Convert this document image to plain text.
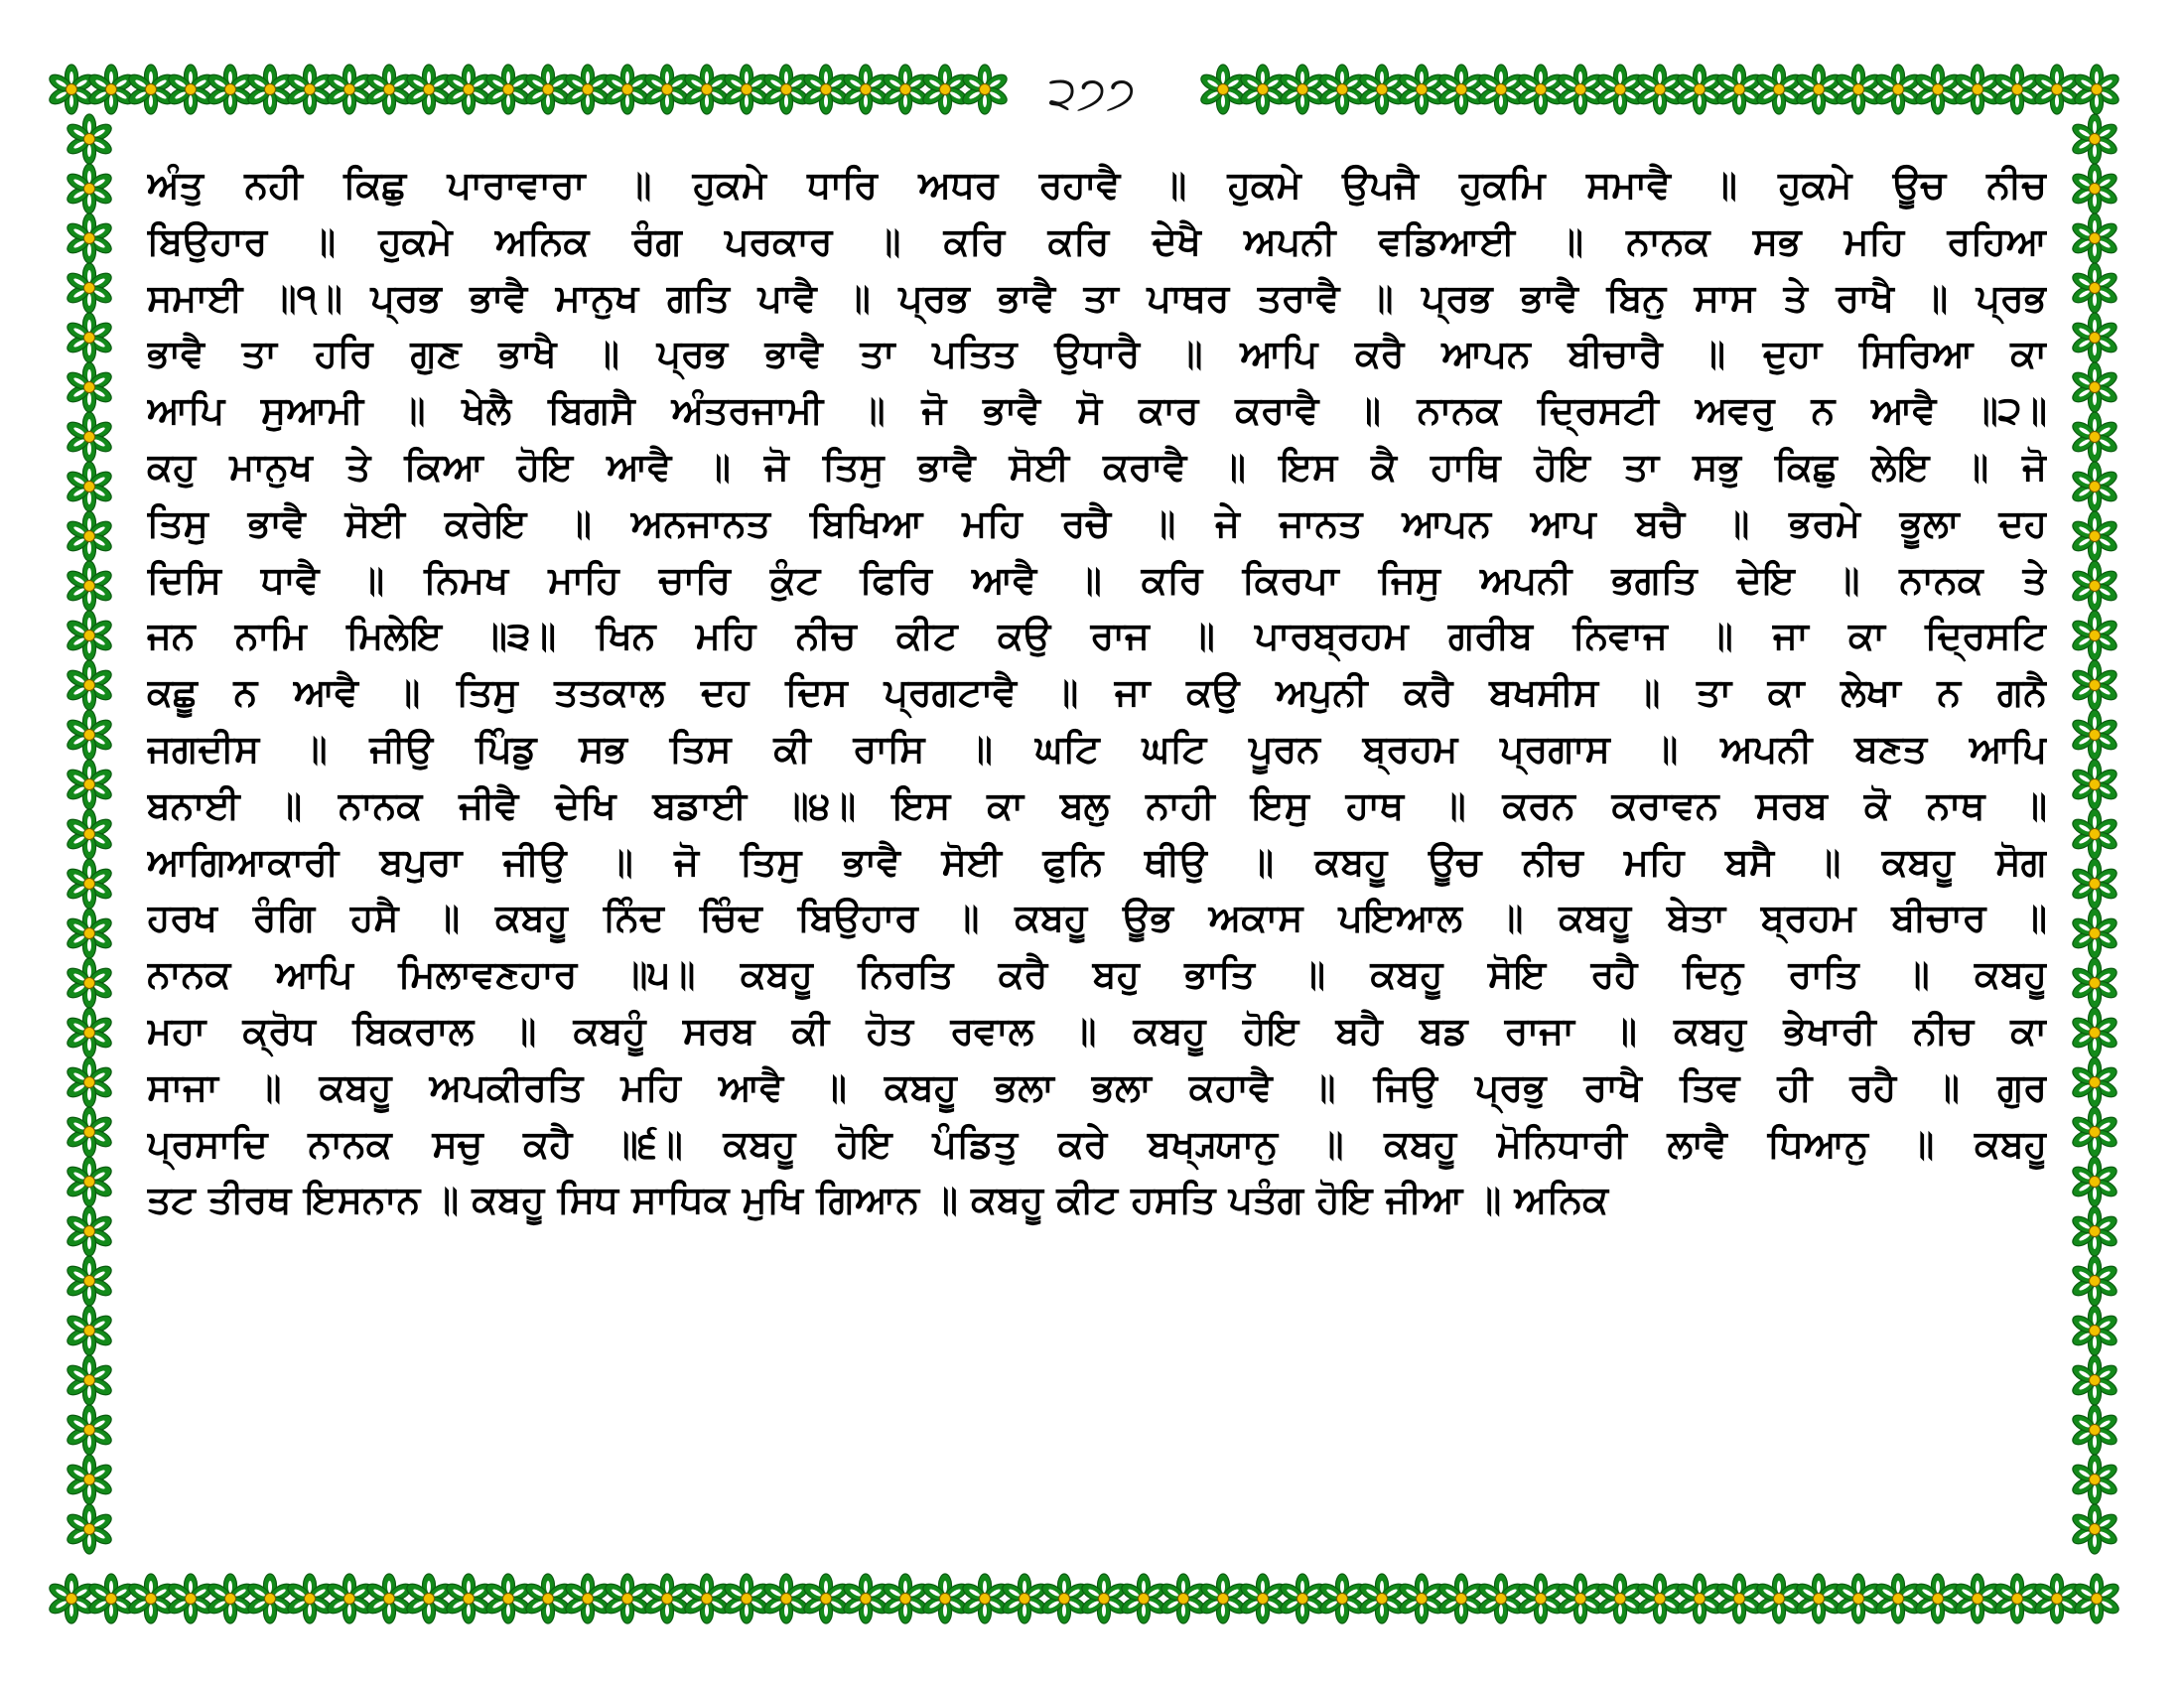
੨੭੭
ਅੰਤੁ ਨਹੀ ਕਿਛੁ ਪਾਰਾਵਾਰਾ ॥ ਹੁਕਮੇ ਧਾਰਿ ਅਧਰ ਰਹਾਵੈ ॥ ਹੁਕਮੇ ਉਪਜੈ ਹੁਕਮਿ ਸਮਾਵੈ ॥ ਹੁਕਮੇ ਊਚ ਨੀਚ
ਬਿਉਹਾਰ ॥ ਹੁਕਮੇ ਅਨਿਕ ਰੰਗ ਪਰਕਾਰ ॥ ਕਰਿ ਕਰਿ ਦੇਖੈ ਅਪਨੀ ਵਡਿਆਈ ॥ ਨਾਨਕ ਸਭ ਮਹਿ ਰਹਿਆ
ਸਮਾਈ ॥੧॥ ਪ੍ਰਭ ਭਾਵੈ ਮਾਨੁਖ ਗਤਿ ਪਾਵੈ ॥ ਪ੍ਰਭ ਭਾਵੈ ਤਾ ਪਾਥਰ ਤਰਾਵੈ ॥ ਪ੍ਰਭ ਭਾਵੈ ਬਿਨੁ ਸਾਸ ਤੇ ਰਾਖੈ ॥ ਪ੍ਰਭ
ਭਾਵੈ ਤਾ ਹਰਿ ਗੁਣ ਭਾਖੈ ॥ ਪ੍ਰਭ ਭਾਵੈ ਤਾ ਪਤਿਤ ਉਧਾਰੈ ॥ ਆਪਿ ਕਰੈ ਆਪਨ ਬੀਚਾਰੈ ॥ ਦੁਹਾ ਸਿਰਿਆ ਕਾ
ਆਪਿ ਸੁਆਮੀ ॥ ਖੇਲੈ ਬਿਗਸੈ ਅੰਤਰਜਾਮੀ ॥ ਜੋ ਭਾਵੈ ਸੋ ਕਾਰ ਕਰਾਵੈ ॥ ਨਾਨਕ ਦ੍ਰਿਸਟੀ ਅਵਰੁ ਨ ਆਵੈ ॥੨॥
ਕਹੁ ਮਾਨੁਖ ਤੇ ਕਿਆ ਹੋਇ ਆਵੈ ॥ ਜੋ ਤਿਸੁ ਭਾਵੈ ਸੋਈ ਕਰਾਵੈ ॥ ਇਸ ਕੈ ਹਾਥਿ ਹੋਇ ਤਾ ਸਭੁ ਕਿਛੁ ਲੇਇ ॥ ਜੋ
ਤਿਸੁ ਭਾਵੈ ਸੋਈ ਕਰੇਇ ॥ ਅਨਜਾਨਤ ਬਿਖਿਆ ਮਹਿ ਰਚੈ ॥ ਜੇ ਜਾਨਤ ਆਪਨ ਆਪ ਬਚੈ ॥ ਭਰਮੇ ਭੂਲਾ ਦਹ
ਦਿਸਿ ਧਾਵੈ ॥ ਨਿਮਖ ਮਾਹਿ ਚਾਰਿ ਕੁੰਟ ਫਿਰਿ ਆਵੈ ॥ ਕਰਿ ਕਿਰਪਾ ਜਿਸੁ ਅਪਨੀ ਭਗਤਿ ਦੇਇ ॥ ਨਾਨਕ ਤੇ
ਜਨ ਨਾਮਿ ਮਿਲੇਇ ॥੩॥ ਖਿਨ ਮਹਿ ਨੀਚ ਕੀਟ ਕਉ ਰਾਜ ॥ ਪਾਰਬ੍ਰਹਮ ਗਰੀਬ ਨਿਵਾਜ ॥ ਜਾ ਕਾ ਦ੍ਰਿਸਟਿ
ਕਛੂ ਨ ਆਵੈ ॥ ਤਿਸੁ ਤਤਕਾਲ ਦਹ ਦਿਸ ਪ੍ਰਗਟਾਵੈ ॥ ਜਾ ਕਉ ਅਪੁਨੀ ਕਰੈ ਬਖਸੀਸ ॥ ਤਾ ਕਾ ਲੇਖਾ ਨ ਗਨੈ
ਜਗਦੀਸ ॥ ਜੀਉ ਪਿੰਡੁ ਸਭ ਤਿਸ ਕੀ ਰਾਸਿ ॥ ਘਟਿ ਘਟਿ ਪੂਰਨ ਬ੍ਰਹਮ ਪ੍ਰਗਾਸ ॥ ਅਪਨੀ ਬਣਤ ਆਪਿ
ਬਨਾਈ ॥ ਨਾਨਕ ਜੀਵੈ ਦੇਖਿ ਬਡਾਈ ॥੪॥ ਇਸ ਕਾ ਬਲੁ ਨਾਹੀ ਇਸੁ ਹਾਥ ॥ ਕਰਨ ਕਰਾਵਨ ਸਰਬ ਕੋ ਨਾਥ ॥
ਆਗਿਆਕਾਰੀ ਬਪੁਰਾ ਜੀਉ ॥ ਜੋ ਤਿਸੁ ਭਾਵੈ ਸੋਈ ਫੁਨਿ ਥੀਉ ॥ ਕਬਹੂ ਊਚ ਨੀਚ ਮਹਿ ਬਸੈ ॥ ਕਬਹੂ ਸੋਗ
ਹਰਖ ਰੰਗਿ ਹਸੈ ॥ ਕਬਹੂ ਨਿੰਦ ਚਿੰਦ ਬਿਉਹਾਰ ॥ ਕਬਹੂ ਊਭ ਅਕਾਸ ਪਇਆਲ ॥ ਕਬਹੂ ਬੇਤਾ ਬ੍ਰਹਮ ਬੀਚਾਰ ॥
ਨਾਨਕ ਆਪਿ ਮਿਲਾਵਣਹਾਰ ॥੫॥ ਕਬਹੂ ਨਿਰਤਿ ਕਰੈ ਬਹੁ ਭਾਤਿ ॥ ਕਬਹੂ ਸੋਇ ਰਹੈ ਦਿਨੁ ਰਾਤਿ ॥ ਕਬਹੂ
ਮਹਾ ਕ੍ਰੋਧ ਬਿਕਰਾਲ ॥ ਕਬਹੂੰ ਸਰਬ ਕੀ ਹੋਤ ਰਵਾਲ ॥ ਕਬਹੂ ਹੋਇ ਬਹੈ ਬਡ ਰਾਜਾ ॥ ਕਬਹੁ ਭੇਖਾਰੀ ਨੀਚ ਕਾ
ਸਾਜਾ ॥ ਕਬਹੂ ਅਪਕੀਰਤਿ ਮਹਿ ਆਵੈ ॥ ਕਬਹੂ ਭਲਾ ਭਲਾ ਕਹਾਵੈ ॥ ਜਿਉ ਪ੍ਰਭੁ ਰਾਖੈ ਤਿਵ ਹੀ ਰਹੈ ॥ ਗੁਰ
ਪ੍ਰਸਾਦਿ ਨਾਨਕ ਸਚੁ ਕਹੈ ॥੬॥ ਕਬਹੂ ਹੋਇ ਪੰਡਿਤੁ ਕਰੇ ਬਖ੍ਯ੍ਯਾਨੁ ॥ ਕਬਹੂ ਮੋਨਿਧਾਰੀ ਲਾਵੈ ਧਿਆਨੁ ॥ ਕਬਹੂ
ਤਟ ਤੀਰਥ ਇਸਨਾਨ ॥ ਕਬਹੂ ਸਿਧ ਸਾਧਿਕ ਮੁਖਿ ਗਿਆਨ ॥ ਕਬਹੂ ਕੀਟ ਹਸਤਿ ਪਤੰਗ ਹੋਇ ਜੀਆ ॥ ਅਨਿਕ
